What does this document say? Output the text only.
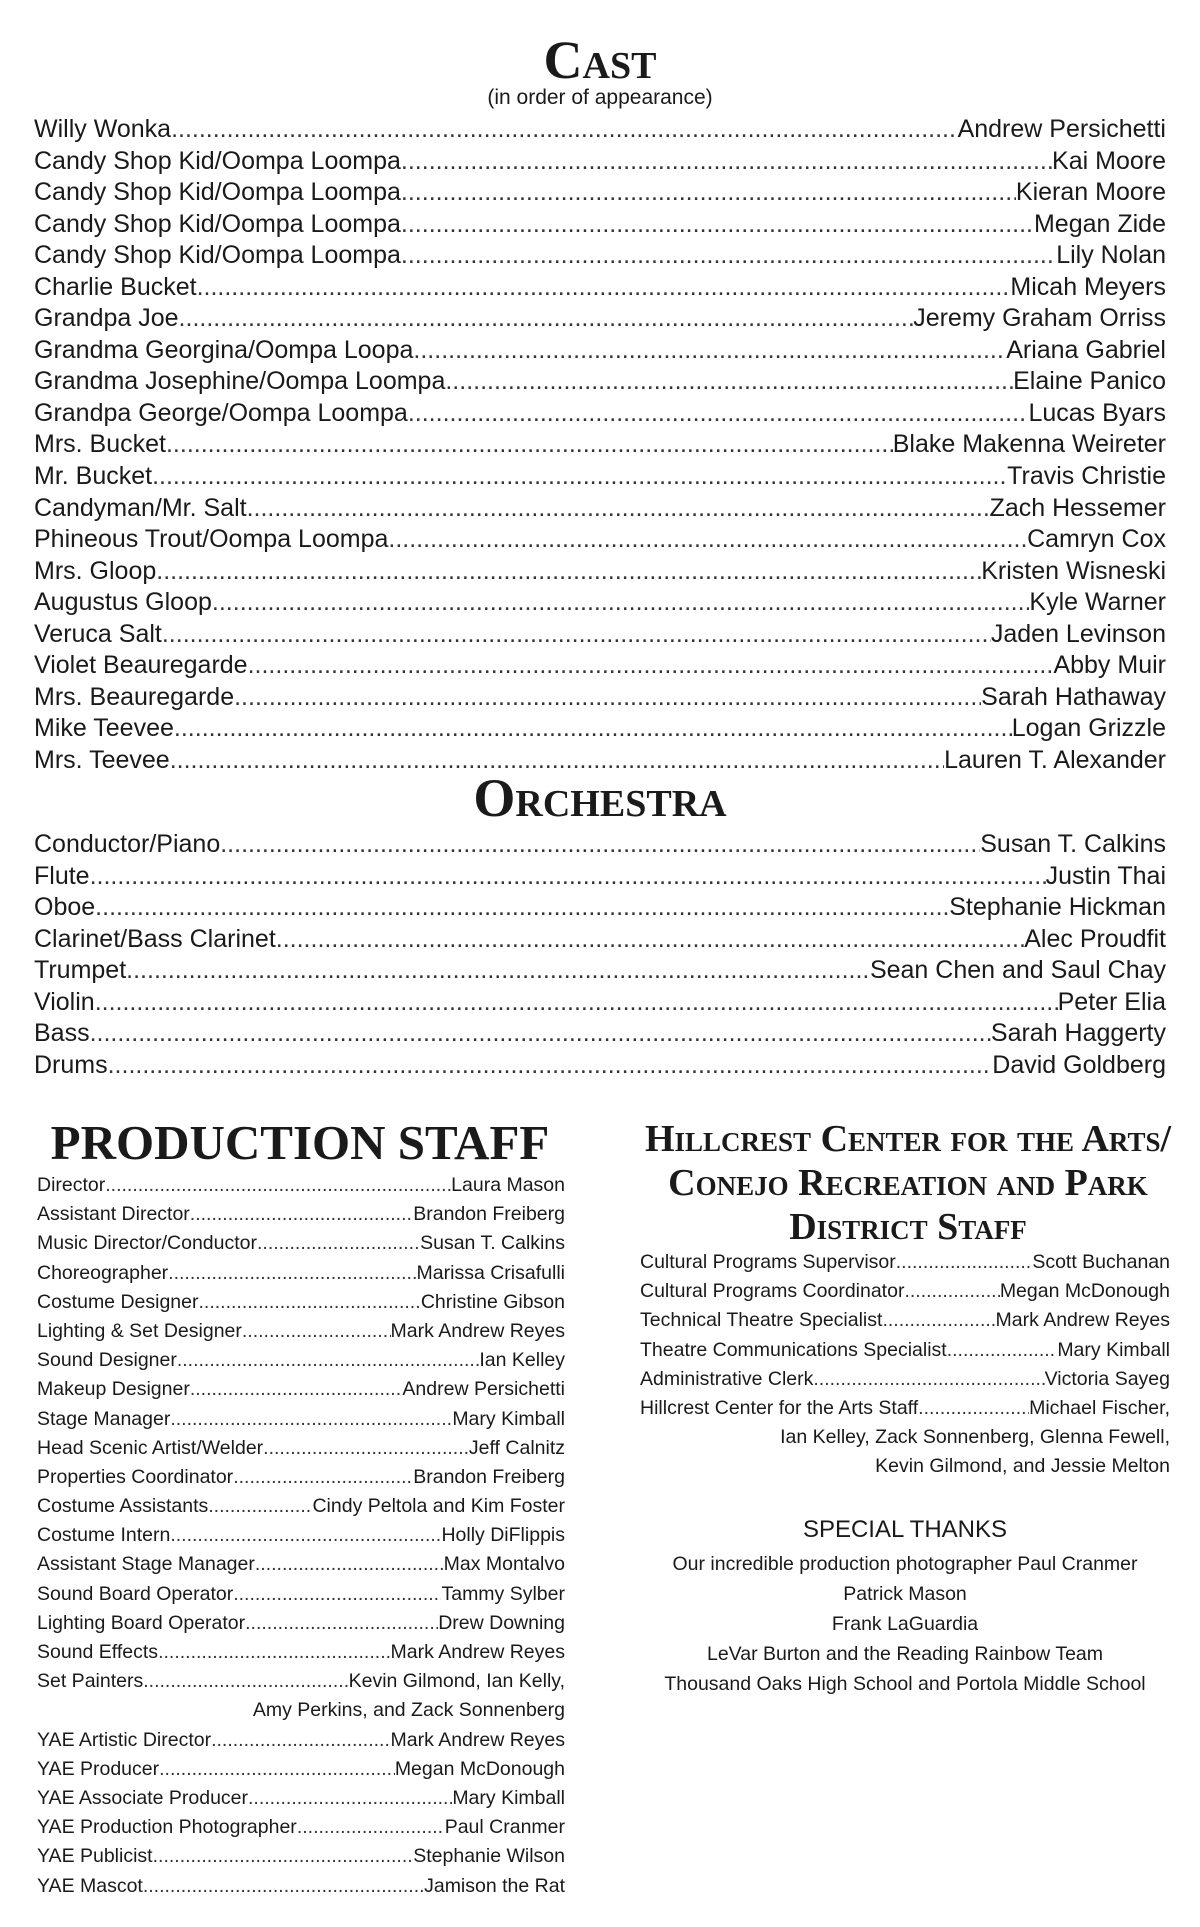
Cast
(in order of appearance)
Willy Wonka .....	Andrew Persichetti
Candy Shop Kid/Oompa Loompa .....	Kai Moore
Candy Shop Kid/Oompa Loompa .....	Kieran Moore
Candy Shop Kid/Oompa Loompa .....	Megan Zide
Candy Shop Kid/Oompa Loompa .....	Lily Nolan
Charlie Bucket .....	Micah Meyers
Grandpa Joe .....	Jeremy Graham Orriss
Grandma Georgina/Oompa Loopa .....	Ariana Gabriel
Grandma Josephine/Oompa Loompa .....	Elaine Panico
Grandpa George/Oompa Loompa .....	Lucas Byars
Mrs. Bucket .....	Blake Makenna Weireter
Mr. Bucket .....	Travis Christie
Candyman/Mr. Salt .....	Zach Hessemer
Phineous Trout/Oompa Loompa .....	Camryn Cox
Mrs. Gloop .....	Kristen Wisneski
Augustus Gloop .....	Kyle Warner
Veruca Salt .....	Jaden Levinson
Violet Beauregarde .....	Abby Muir
Mrs. Beauregarde .....	Sarah Hathaway
Mike Teevee .....	Logan Grizzle
Mrs. Teevee .....	Lauren T. Alexander
Orchestra
Conductor/Piano .....	Susan T. Calkins
Flute .....	Justin Thai
Oboe .....	Stephanie Hickman
Clarinet/Bass Clarinet .....	Alec Proudfit
Trumpet .....	Sean Chen and Saul Chay
Violin .....	Peter Elia
Bass .....	Sarah Haggerty
Drums .....	David Goldberg
PRODUCTION STAFF
Director .....	Laura Mason
Assistant Director .....	Brandon Freiberg
Music Director/Conductor .....	Susan T. Calkins
Choreographer .....	Marissa Crisafulli
Costume Designer .....	Christine Gibson
Lighting & Set Designer .....	Mark Andrew Reyes
Sound Designer .....	Ian Kelley
Makeup Designer .....	Andrew Persichetti
Stage Manager .....	Mary Kimball
Head Scenic Artist/Welder .....	Jeff Calnitz
Properties Coordinator .....	Brandon Freiberg
Costume Assistants .....	Cindy Peltola and Kim Foster
Costume Intern .....	Holly DiFlippis
Assistant Stage Manager .....	Max Montalvo
Sound Board Operator .....	Tammy Sylber
Lighting Board Operator .....	Drew Downing
Sound Effects .....	Mark Andrew Reyes
Set Painters .....	Kevin Gilmond, Ian Kelly,
Amy Perkins, and Zack Sonnenberg
YAE Artistic Director .....	Mark Andrew Reyes
YAE Producer .....	Megan McDonough
YAE Associate Producer .....	Mary Kimball
YAE Production Photographer .....	Paul Cranmer
YAE Publicist .....	Stephanie Wilson
YAE Mascot .....	Jamison the Rat
Hillcrest Center for the Arts/
Conejo Recreation and Park
District Staff
Cultural Programs Supervisor .....	Scott Buchanan
Cultural Programs Coordinator .....	Megan McDonough
Technical Theatre Specialist .....	Mark Andrew Reyes
Theatre Communications Specialist .....	Mary Kimball
Administrative Clerk .....	Victoria Sayeg
Hillcrest Center for the Arts Staff .....	Michael Fischer,
Ian Kelley, Zack Sonnenberg, Glenna Fewell,
Kevin Gilmond, and Jessie Melton
SPECIAL THANKS
Our incredible production photographer Paul Cranmer
Patrick Mason
Frank LaGuardia
LeVar Burton and the Reading Rainbow Team
Thousand Oaks High School and Portola Middle School
